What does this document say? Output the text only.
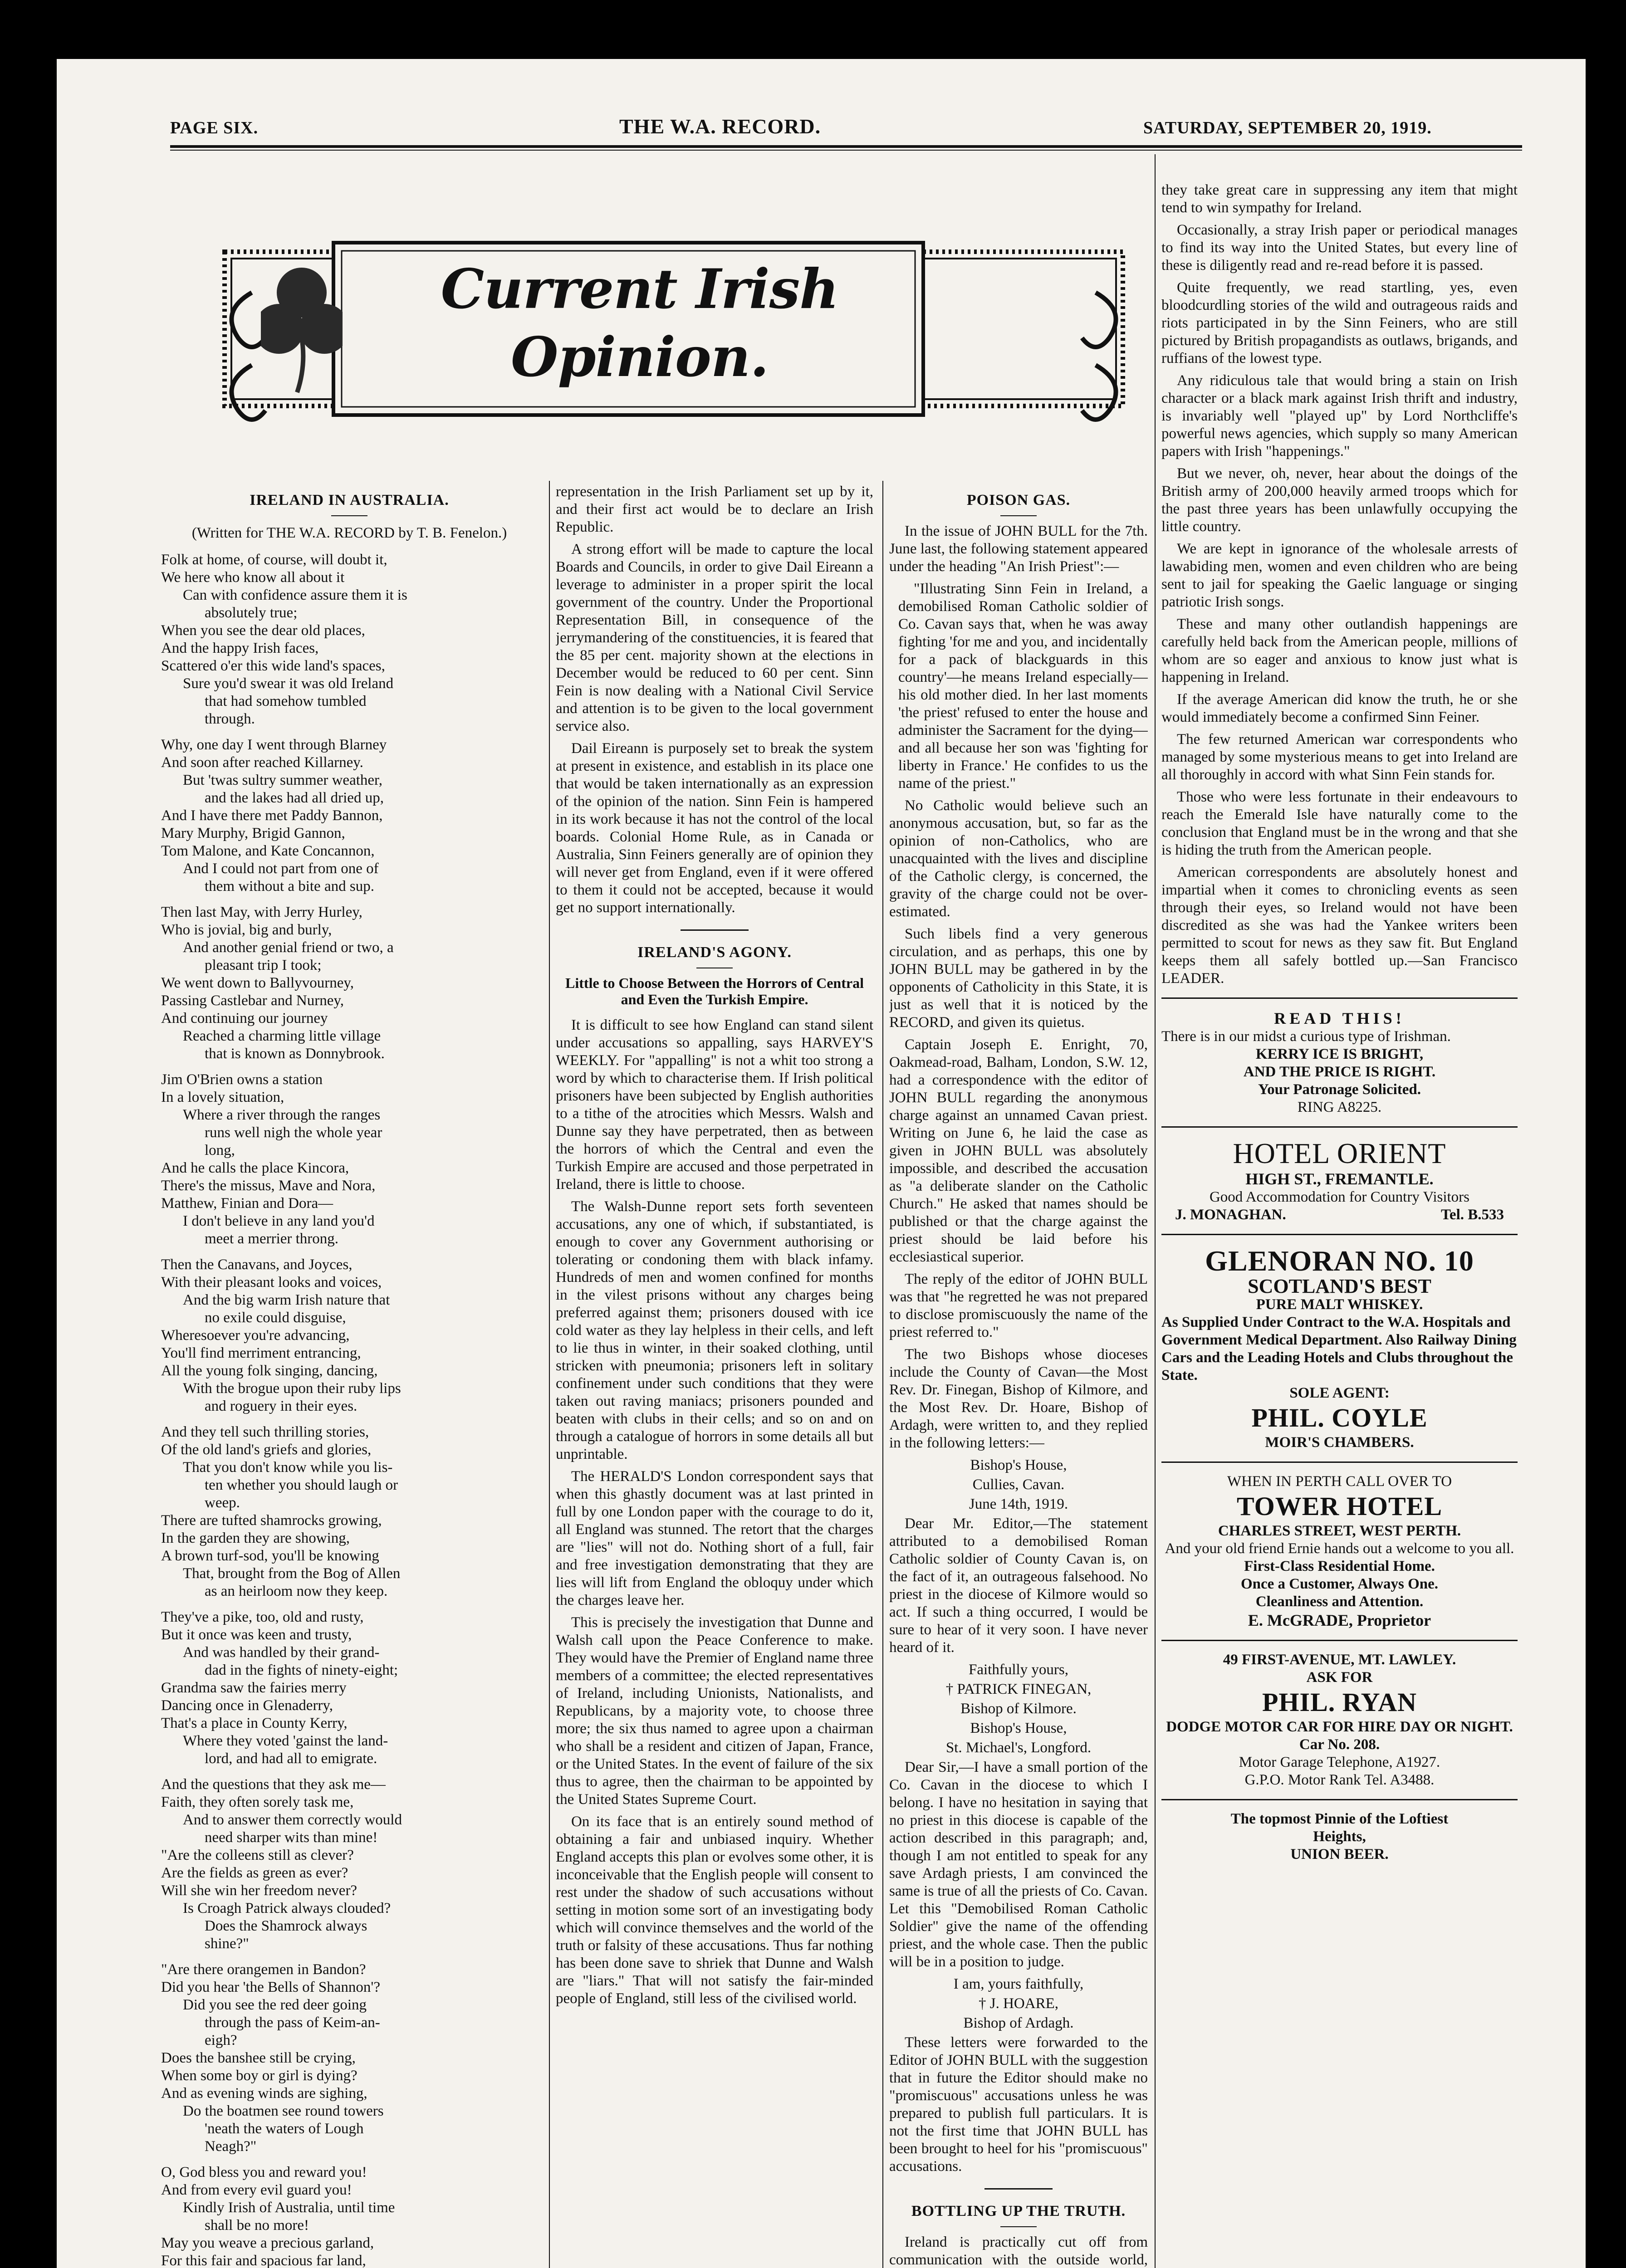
PAGE SIX.	THE W.A. RECORD.	SATURDAY, SEPTEMBER 20, 1919.
Current Irish Opinion.
IRELAND IN AUSTRALIA.
(Written for THE W.A. RECORD by T. B. Fenelon.)
Folk at home, of course, will doubt it,
We here who know all about it
Can with confidence assure them it is
absolutely true;
When you see the dear old places,
And the happy Irish faces,
Scattered o'er this wide land's spaces,
Sure you'd swear it was old Ireland
that had somehow tumbled
through.
Why, one day I went through Blarney
And soon after reached Killarney.
But 'twas sultry summer weather,
and the lakes had all dried up,
And I have there met Paddy Bannon,
Mary Murphy, Brigid Gannon,
Tom Malone, and Kate Concannon,
And I could not part from one of
them without a bite and sup.
Then last May, with Jerry Hurley,
Who is jovial, big and burly,
And another genial friend or two, a
pleasant trip I took;
We went down to Ballyvourney,
Passing Castlebar and Nurney,
And continuing our journey
Reached a charming little village
that is known as Donnybrook.
Jim O'Brien owns a station
In a lovely situation,
Where a river through the ranges
runs well nigh the whole year
long,
And he calls the place Kincora,
There's the missus, Mave and Nora,
Matthew, Finian and Dora—
I don't believe in any land you'd
meet a merrier throng.
Then the Canavans, and Joyces,
With their pleasant looks and voices,
And the big warm Irish nature that
no exile could disguise,
Wheresoever you're advancing,
You'll find merriment entrancing,
All the young folk singing, dancing,
With the brogue upon their ruby lips
and roguery in their eyes.
And they tell such thrilling stories,
Of the old land's griefs and glories,
That you don't know while you lis-
ten whether you should laugh or
weep.
There are tufted shamrocks growing,
In the garden they are showing,
A brown turf-sod, you'll be knowing
That, brought from the Bog of Allen
as an heirloom now they keep.
They've a pike, too, old and rusty,
But it once was keen and trusty,
And was handled by their grand-
dad in the fights of ninety-eight;
Grandma saw the fairies merry
Dancing once in Glenaderry,
That's a place in County Kerry,
Where they voted 'gainst the land-
lord, and had all to emigrate.
And the questions that they ask me—
Faith, they often sorely task me,
And to answer them correctly would
need sharper wits than mine!
"Are the colleens still as clever?
Are the fields as green as ever?
Will she win her freedom never?
Is Croagh Patrick always clouded?
Does the Shamrock always
shine?"
"Are there orangemen in Bandon?
Did you hear 'the Bells of Shannon'?
Did you see the red deer going
through the pass of Keim-an-
eigh?
Does the banshee still be crying,
When some boy or girl is dying?
And as evening winds are sighing,
Do the boatmen see round towers
'neath the waters of Lough
Neagh?"
O, God bless you and reward you!
And from every evil guard you!
Kindly Irish of Australia, until time
shall be no more!
May you weave a precious garland,
For this fair and spacious far land,

representation in the Irish Parliament set up by it, and their first act would be to declare an Irish Republic.

A strong effort will be made to capture the local Boards and Councils, in order to give Dail Eireann a leverage to administer in a proper spirit the local government of the country. Under the Proportional Representation Bill, in consequence of the jerrymandering of the constituencies, it is feared that the 85 per cent. majority shown at the elections in December would be reduced to 60 per cent. Sinn Fein is now dealing with a National Civil Service and attention is to be given to the local government service also.

Dail Eireann is purposely set to break the system at present in existence, and establish in its place one that would be taken internationally as an expression of the opinion of the nation. Sinn Fein is hampered in its work because it has not the control of the local boards. Colonial Home Rule, as in Canada or Australia, Sinn Feiners generally are of opinion they will never get from England, even if it were offered to them it could not be accepted, because it would get no support internationally.

IRELAND'S AGONY.
Little to Choose Between the Horrors of Central and Even the Turkish Empire.

It is difficult to see how England can stand silent under accusations so appalling, says HARVEY'S WEEKLY. For "appalling" is not a whit too strong a word by which to characterise them. If Irish political prisoners have been subjected by English authorities to a tithe of the atrocities which Messrs. Walsh and Dunne say they have perpetrated, then as between the horrors of which the Central and even the Turkish Empire are accused and those perpetrated in Ireland, there is little to choose.

The Walsh-Dunne report sets forth seventeen accusations, any one of which, if substantiated, is enough to cover any Government authorising or tolerating or condoning them with black infamy. Hundreds of men and women confined for months in the vilest prisons without any charges being preferred against them; prisoners doused with ice cold water as they lay helpless in their cells, and left to lie thus in winter, in their soaked clothing, until stricken with pneumonia; prisoners left in solitary confinement under such conditions that they were taken out raving maniacs; prisoners pounded and beaten with clubs in their cells; and so on and on through a catalogue of horrors in some details all but unprintable.

The HERALD'S London correspondent says that when this ghastly document was at last printed in full by one London paper with the courage to do it, all England was stunned. The retort that the charges are "lies" will not do. Nothing short of a full, fair and free investigation demonstrating that they are lies will lift from England the obloquy under which the charges leave her.

This is precisely the investigation that Dunne and Walsh call upon the Peace Conference to make. They would have the Premier of England name three members of a committee; the elected representatives of Ireland, including Unionists, Nationalists, and Republicans, by a majority vote, to choose three more; the six thus named to agree upon a chairman who shall be a resident and citizen of Japan, France, or the United States. In the event of failure of the six thus to agree, then the chairman to be appointed by the United States Supreme Court.

On its face that is an entirely sound method of obtaining a fair and unbiased inquiry. Whether England accepts this plan or evolves some other, it is inconceivable that the English people will consent to rest under the shadow of such accusations without setting in motion some sort of an investigating body which will convince themselves and the world of the truth or falsity of these accusations. Thus far nothing has been done save to shriek that Dunne and Walsh are "liars." That will not satisfy the fair-minded people of England, still less of the civilised world.

POISON GAS.

In the issue of JOHN BULL for the 7th. June last, the following statement appeared under the heading "An Irish Priest":—

"Illustrating Sinn Fein in Ireland, a demobilised Roman Catholic soldier of Co. Cavan says that, when he was away fighting 'for me and you, and incidentally for a pack of blackguards in this country'—he means Ireland especially—his old mother died. In her last moments 'the priest' refused to enter the house and administer the Sacrament for the dying—and all because her son was 'fighting for liberty in France.' He confides to us the name of the priest."

No Catholic would believe such an anonymous accusation, but, so far as the opinion of non-Catholics, who are unacquainted with the lives and discipline of the Catholic clergy, is concerned, the gravity of the charge could not be over-estimated.

Such libels find a very generous circulation, and as perhaps, this one by JOHN BULL may be gathered in by the opponents of Catholicity in this State, it is just as well that it is noticed by the RECORD, and given its quietus.

Captain Joseph E. Enright, 70, Oakmead-road, Balham, London, S.W. 12, had a correspondence with the editor of JOHN BULL regarding the anonymous charge against an unnamed Cavan priest. Writing on June 6, he laid the case as given in JOHN BULL was absolutely impossible, and described the accusation as "a deliberate slander on the Catholic Church." He asked that names should be published or that the charge against the priest should be laid before his ecclesiastical superior.

The reply of the editor of JOHN BULL was that "he regretted he was not prepared to disclose promiscuously the name of the priest referred to."

The two Bishops whose dioceses include the County of Cavan—the Most Rev. Dr. Finegan, Bishop of Kilmore, and the Most Rev. Dr. Hoare, Bishop of Ardagh, were written to, and they replied in the following letters:—

Bishop's House,
Cullies, Cavan.
June 14th, 1919.

Dear Mr. Editor,—The statement attributed to a demobilised Roman Catholic soldier of County Cavan is, on the fact of it, an outrageous falsehood. No priest in the diocese of Kilmore would so act. If such a thing occurred, I would be sure to hear of it very soon. I have never heard of it.

Faithfully yours,
† PATRICK FINEGAN,
Bishop of Kilmore.
Bishop's House,
St. Michael's, Longford.

Dear Sir,—I have a small portion of the Co. Cavan in the diocese to which I belong. I have no hesitation in saying that no priest in this diocese is capable of the action described in this paragraph; and, though I am not entitled to speak for any save Ardagh priests, I am convinced the same is true of all the priests of Co. Cavan. Let this "Demobilised Roman Catholic Soldier" give the name of the offending priest, and the whole case. Then the public will be in a position to judge.

I am, yours faithfully,
† J. HOARE,
Bishop of Ardagh.

These letters were forwarded to the Editor of JOHN BULL with the suggestion that in future the Editor should make no "promiscuous" accusations unless he was prepared to publish full particulars. It is not the first time that JOHN BULL has been brought to heel for his "promiscuous" accusations.

BOTTLING UP THE TRUTH.

Ireland is practically cut off from communication with the outside world,

they take great care in suppressing any item that might tend to win sympathy for Ireland.

Occasionally, a stray Irish paper or periodical manages to find its way into the United States, but every line of these is diligently read and re-read before it is passed.

Quite frequently, we read startling, yes, even bloodcurdling stories of the wild and outrageous raids and riots participated in by the Sinn Feiners, who are still pictured by British propagandists as outlaws, brigands, and ruffians of the lowest type.

Any ridiculous tale that would bring a stain on Irish character or a black mark against Irish thrift and industry, is invariably well "played up" by Lord Northcliffe's powerful news agencies, which supply so many American papers with Irish "happenings."

But we never, oh, never, hear about the doings of the British army of 200,000 heavily armed troops which for the past three years has been unlawfully occupying the little country.

We are kept in ignorance of the wholesale arrests of lawabiding men, women and even children who are being sent to jail for speaking the Gaelic language or singing patriotic Irish songs.

These and many other outlandish happenings are carefully held back from the American people, millions of whom are so eager and anxious to know just what is happening in Ireland.

If the average American did know the truth, he or she would immediately become a confirmed Sinn Feiner.

The few returned American war correspondents who managed by some mysterious means to get into Ireland are all thoroughly in accord with what Sinn Fein stands for.

Those who were less fortunate in their endeavours to reach the Emerald Isle have naturally come to the conclusion that England must be in the wrong and that she is hiding the truth from the American people.

American correspondents are absolutely honest and impartial when it comes to chronicling events as seen through their eyes, so Ireland would not have been discredited as she was had the Yankee writers been permitted to scout for news as they saw fit. But England keeps them all safely bottled up.—San Francisco LEADER.

READ THIS!
There is in our midst a curious type of Irishman.
KERRY ICE IS BRIGHT,
AND THE PRICE IS RIGHT.
Your Patronage Solicited.
RING A8225.
HOTEL ORIENT
HIGH ST., FREMANTLE.
Good Accommodation for Country Visitors
J. MONAGHAN.	Tel. B.533
GLENORAN NO. 10
SCOTLAND'S BEST
PURE MALT WHISKEY.
As Supplied Under Contract to the W.A. Hospitals and Government Medical Department. Also Railway Dining Cars and the Leading Hotels and Clubs throughout the State.
SOLE AGENT:
PHIL. COYLE
MOIR'S CHAMBERS.
WHEN IN PERTH CALL OVER TO
TOWER HOTEL
CHARLES STREET, WEST PERTH.
And your old friend Ernie hands out a welcome to you all.
First-Class Residential Home.
Once a Customer, Always One.
Cleanliness and Attention.
E. McGRADE, Proprietor
49 FIRST-AVENUE, MT. LAWLEY.
ASK FOR
PHIL. RYAN
DODGE MOTOR CAR FOR HIRE DAY OR NIGHT.
Car No. 208.
Motor Garage Telephone, A1927.
G.P.O. Motor Rank Tel. A3488.
The topmost Pinnie of the Loftiest
Heights,
UNION BEER.
